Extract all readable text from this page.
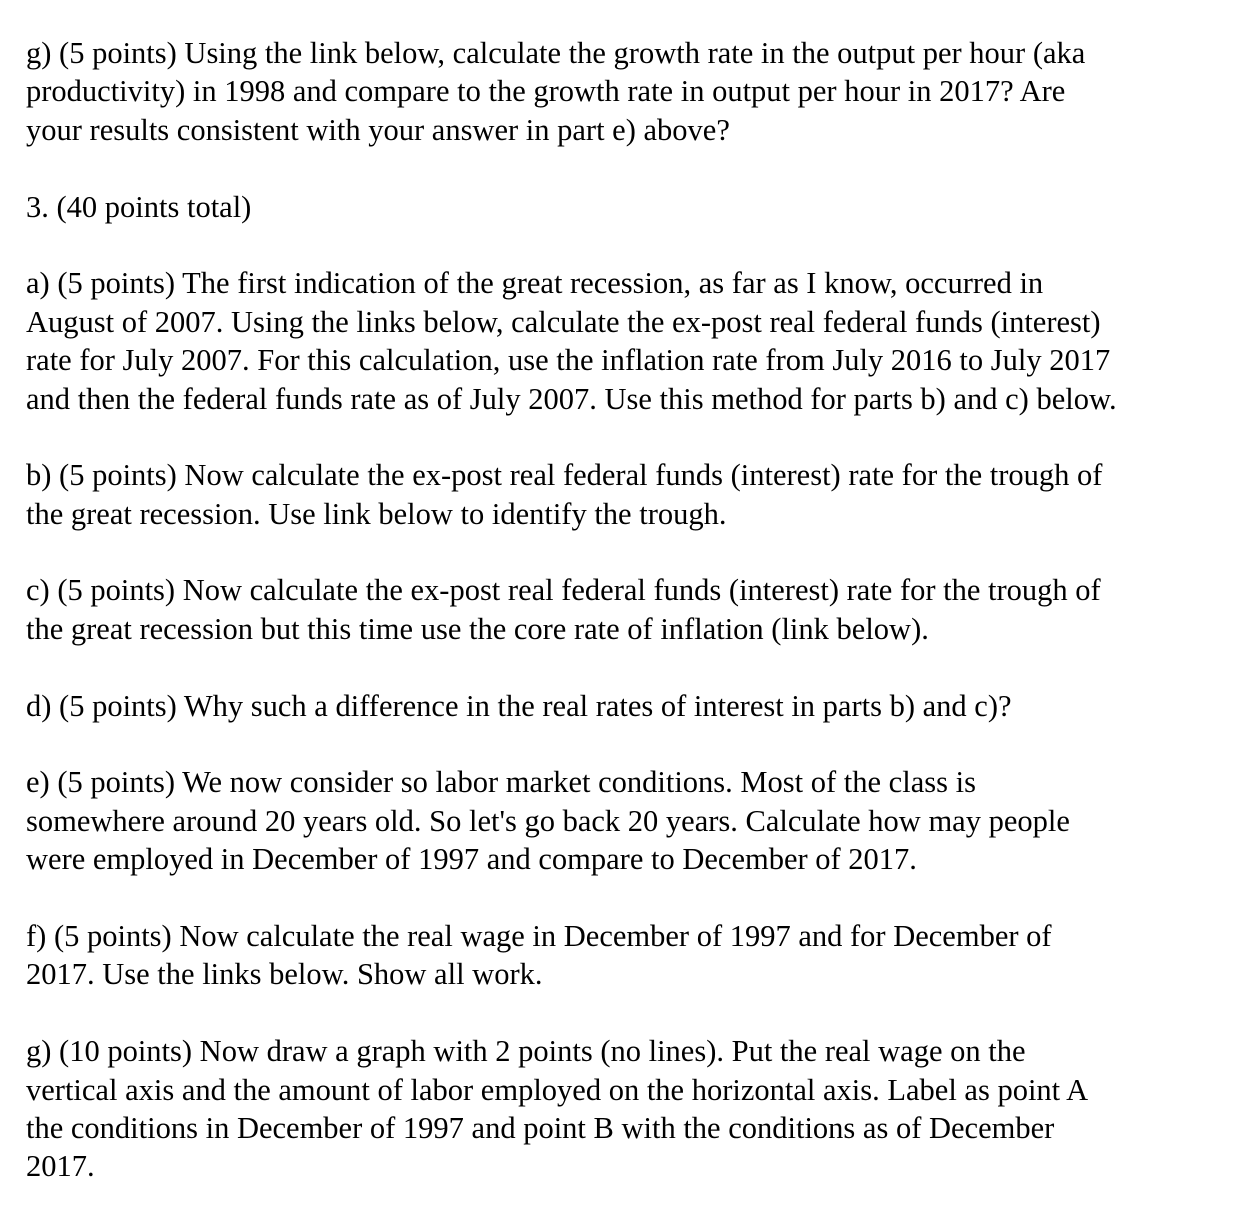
g) (5 points) Using the link below, calculate the growth rate in the output per hour (aka
productivity) in 1998 and compare to the growth rate in output per hour in 2017? Are
your results consistent with your answer in part e) above?

3. (40 points total)

a) (5 points) The first indication of the great recession, as far as I know, occurred in
August of 2007. Using the links below, calculate the ex-post real federal funds (interest)
rate for July 2007. For this calculation, use the inflation rate from July 2016 to July 2017
and then the federal funds rate as of July 2007. Use this method for parts b) and c) below.

b) (5 points) Now calculate the ex-post real federal funds (interest) rate for the trough of
the great recession. Use link below to identify the trough.

c) (5 points) Now calculate the ex-post real federal funds (interest) rate for the trough of
the great recession but this time use the core rate of inflation (link below).

d) (5 points) Why such a difference in the real rates of interest in parts b) and c)?

e) (5 points) We now consider so labor market conditions. Most of the class is
somewhere around 20 years old. So let's go back 20 years. Calculate how may people
were employed in December of 1997 and compare to December of 2017.

f) (5 points) Now calculate the real wage in December of 1997 and for December of
2017. Use the links below. Show all work.

g) (10 points) Now draw a graph with 2 points (no lines). Put the real wage on the
vertical axis and the amount of labor employed on the horizontal axis. Label as point A
the conditions in December of 1997 and point B with the conditions as of December
2017.
